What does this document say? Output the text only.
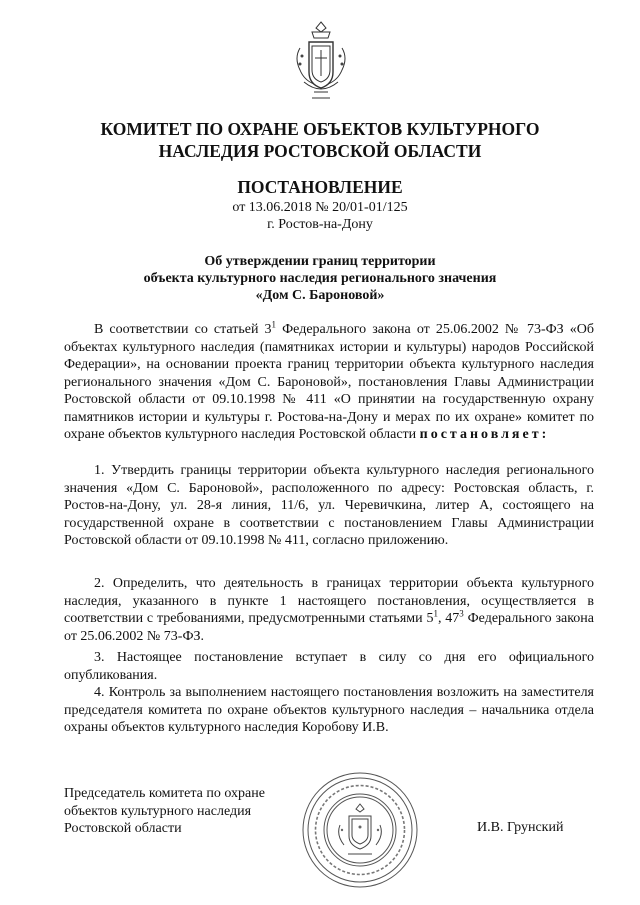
КОМИТЕТ ПО ОХРАНЕ ОБЪЕКТОВ КУЛЬТУРНОГО
НАСЛЕДИЯ РОСТОВСКОЙ ОБЛАСТИ
ПОСТАНОВЛЕНИЕ
от 13.06.2018 № 20/01-01/125
г. Ростов-на-Дону
Об утверждении границ территории
объекта культурного наследия регионального значения
«Дом С. Бароновой»

В соответствии со статьей $3^1$ Федерального закона от 25.06.2002 № 73-ФЗ «Об объектах культурного наследия (памятниках истории и культуры) народов Российской Федерации», на основании проекта границ территории объекта культурного наследия регионального значения «Дом С. Бароновой», постановления Главы Администрации Ростовской области от 09.10.1998 № 411 «О принятии на государственную охрану памятников истории и культуры г. Ростова-на-Дону и мерах по их охране» комитет по охране объектов культурного наследия Ростовской области постановляет:

1. Утвердить границы территории объекта культурного наследия регионального значения «Дом С. Бароновой», расположенного по адресу: Ростовская область, г. Ростов-на-Дону, ул. 28-я линия, 11/6, ул. Черевичкина, литер А, состоящего на государственной охране в соответствии с постановлением Главы Администрации Ростовской области от 09.10.1998 № 411, согласно приложению.

2. Определить, что деятельность в границах территории объекта культурного наследия, указанного в пункте 1 настоящего постановления, осуществляется в соответствии с требованиями, предусмотренными статьями $5^1$, $47^3$ Федерального закона от 25.06.2002 № 73-ФЗ.

3. Настоящее постановление вступает в силу со дня его официального опубликования.

4. Контроль за выполнением настоящего постановления возложить на заместителя председателя комитета по охране объектов культурного наследия – начальника отдела охраны объектов культурного наследия Коробову И.В.

Председатель комитета по охране
объектов культурного наследия
Ростовской области	И.В. Грунский
